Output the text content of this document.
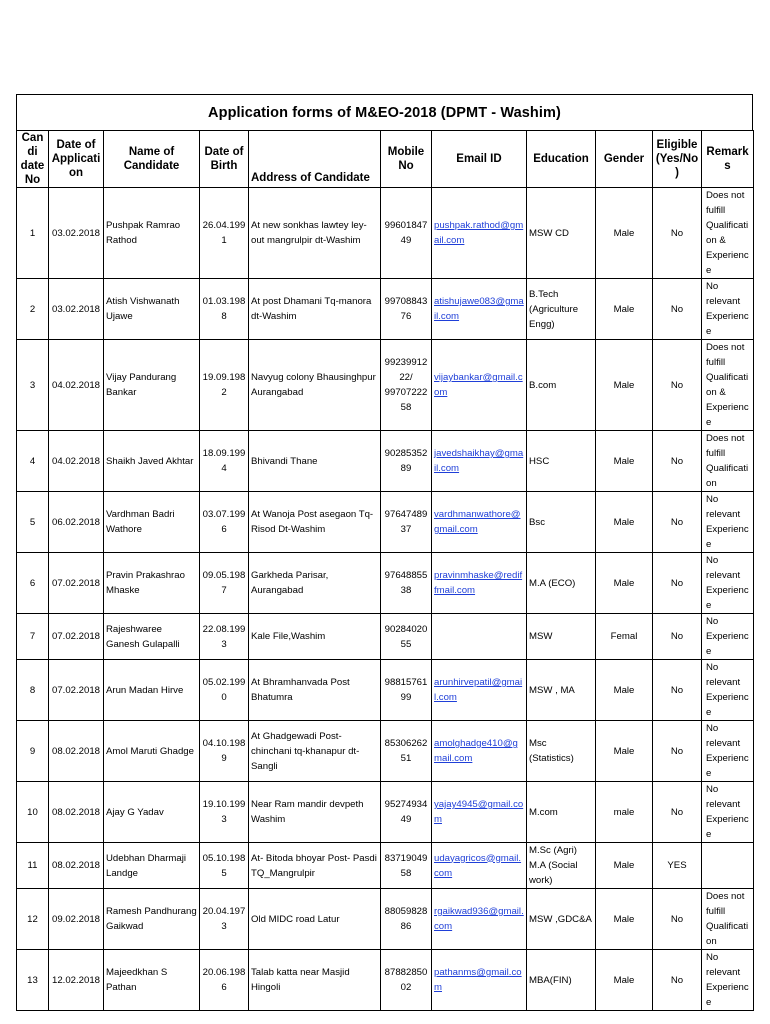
Application forms of M&EO-2018 (DPMT - Washim)
Candi date No	Date of Application	Name of Candidate	Date of Birth	Address of Candidate	Mobile No	Email ID	Education	Gender	Eligible (Yes/No)	Remarks
1	03.02.2018	Pushpak Ramrao Rathod	26.04.1991	At new sonkhas lawtey ley-out mangrulpir dt-Washim	9960184749	pushpak.rathod@gmail.com	MSW CD	Male	No	Does not fulfill Qualification & Experience
2	03.02.2018	Atish Vishwanath Ujawe	01.03.1988	At post Dhamani Tq-manora dt-Washim	9970884376	atishujawe083@gmail.com	B.Tech (Agriculture Engg)	Male	No	No relevant Experience
3	04.02.2018	Vijay Pandurang Bankar	19.09.1982	Navyug colony Bhausinghpur Aurangabad	9923991222/ 9970722258	vijaybankar@gmail.com	B.com	Male	No	Does not fulfill Qualification & Experience
4	04.02.2018	Shaikh Javed Akhtar	18.09.1994	Bhivandi Thane	9028535289	javedshaikhay@gmail.com	HSC	Male	No	Does not fulfill Qualification
5	06.02.2018	Vardhman Badri Wathore	03.07.1996	At Wanoja Post asegaon Tq- Risod Dt-Washim	9764748937	vardhmanwathore@gmail.com	Bsc	Male	No	No relevant Experience
6	07.02.2018	Pravin Prakashrao Mhaske	09.05.1987	Garkheda Parisar, Aurangabad	9764885538	pravinmhaske@rediffmail.com	M.A (ECO)	Male	No	No relevant Experience
7	07.02.2018	Rajeshwaree Ganesh Gulapalli	22.08.1993	Kale File,Washim	9028402055		MSW	Femal	No	No Experience
8	07.02.2018	Arun Madan Hirve	05.02.1990	At Bhramhanvada Post Bhatumra	9881576199	arunhirvepatil@gmail.com	MSW , MA	Male	No	No relevant Experience
9	08.02.2018	Amol Maruti Ghadge	04.10.1989	At Ghadgewadi Post- chinchani tq-khanapur dt- Sangli	8530626251	amolghadge410@gmail.com	Msc (Statistics)	Male	No	No relevant Experience
10	08.02.2018	Ajay G Yadav	19.10.1993	Near Ram mandir devpeth Washim	9527493449	yajay4945@gmail.com	M.com	male	No	No relevant Experience
11	08.02.2018	Udebhan Dharmaji Landge	05.10.1985	At- Bitoda bhoyar Post- Pasdi TQ_Mangrulpir	8371904958	udayagricos@gmail.com	M.Sc (Agri) M.A (Social work)	Male	YES	
12	09.02.2018	Ramesh Pandhurang Gaikwad	20.04.1973	Old MIDC road Latur	8805982886	rgaikwad936@gmail.com	MSW ,GDC&A	Male	No	Does not fulfill Qualification
13	12.02.2018	Majeedkhan S Pathan	20.06.1986	Talab katta near Masjid Hingoli	8788285002	pathanms@gmail.com	MBA(FIN)	Male	No	No relevant Experience
